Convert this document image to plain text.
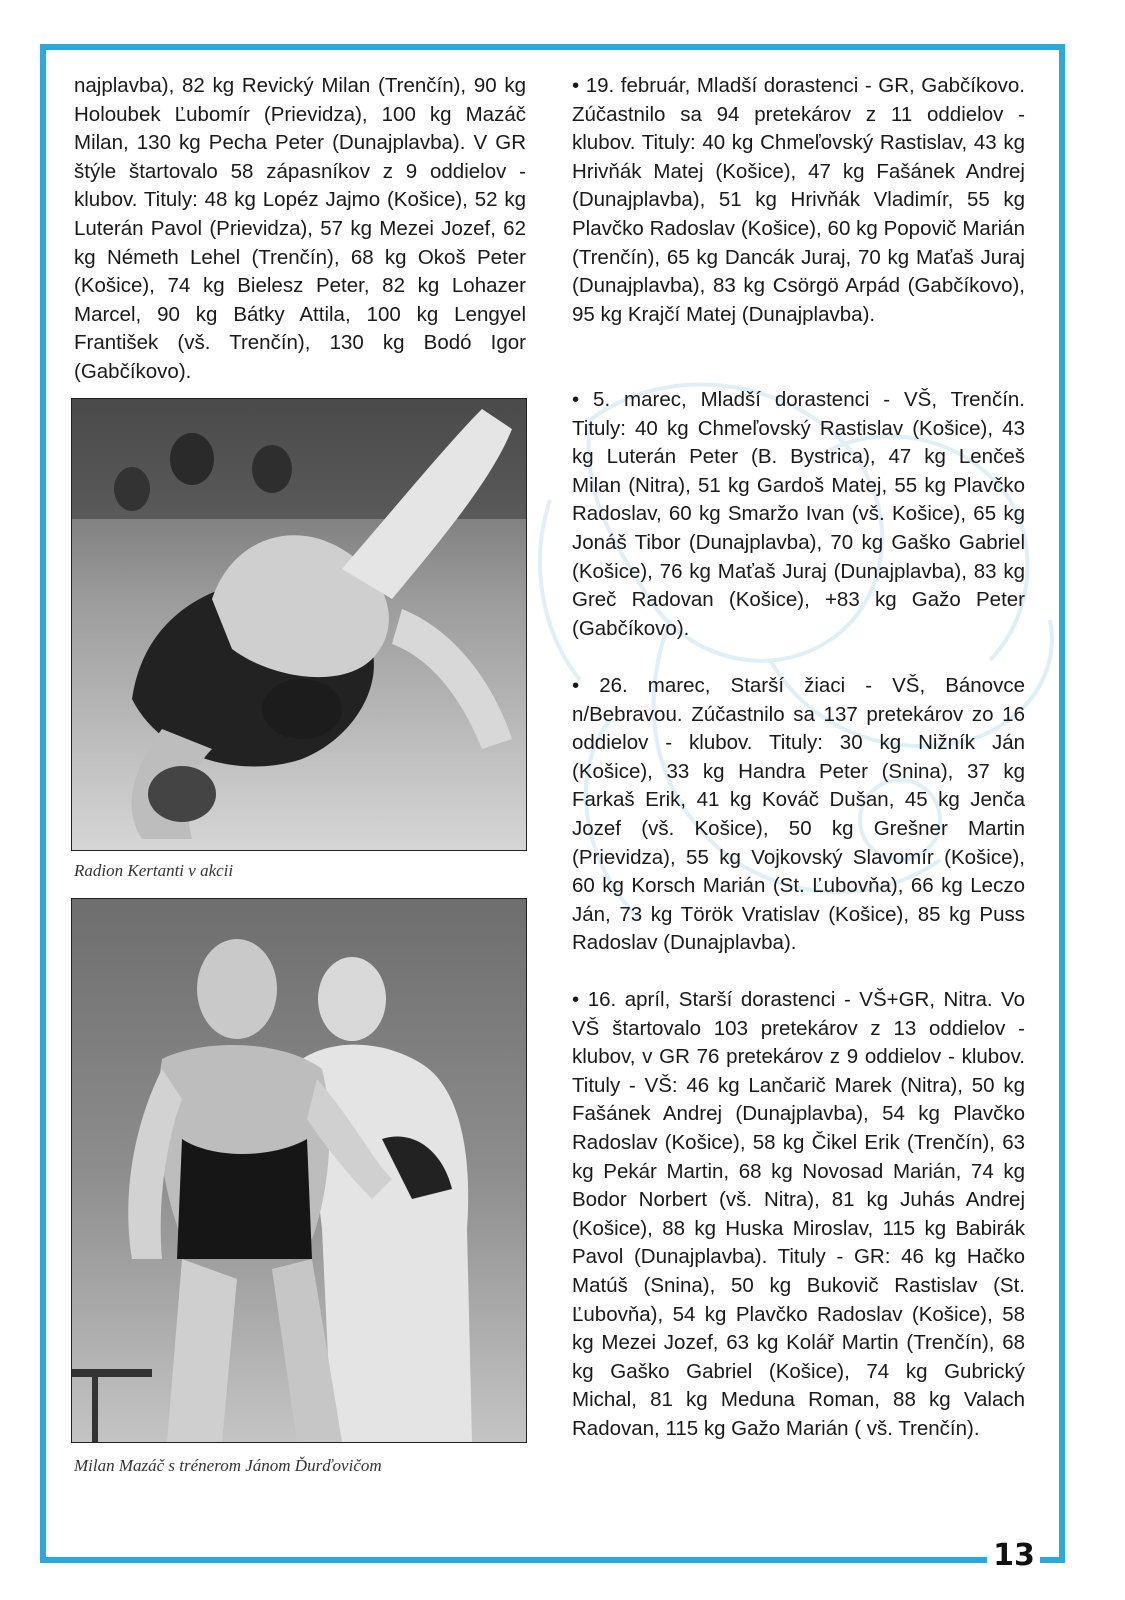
13

najplavba), 82 kg Revický Milan (Trenčín), 90 kg Holoubek Ľubomír (Prievidza), 100 kg Mazáč Milan, 130 kg Pecha Peter (Dunajplavba). V GR štýle štartovalo 58 zápasníkov z 9 oddielov - klubov. Tituly: 48 kg Lopéz Jajmo (Košice), 52 kg Luterán Pavol (Prievidza), 57 kg Mezei Jozef, 62 kg Németh Lehel (Trenčín), 68 kg Okoš Peter (Košice), 74 kg Bielesz Peter, 82 kg Lohazer Marcel, 90 kg Bátky Attila, 100 kg Lengyel František (vš. Trenčín), 130 kg Bodó Igor (Gabčíkovo).

Radion Kertanti v akcii
Milan Mazáč s trénerom Jánom Ďurďovičom

• 19. február, Mladší dorastenci - GR, Gabčíkovo. Zúčastnilo sa 94 pretekárov z 11 oddielov - klubov. Tituly: 40 kg Chmeľovský Rastislav, 43 kg Hrivňák Matej (Košice), 47 kg Fašánek Andrej (Dunajplavba), 51 kg Hrivňák Vladimír, 55 kg Plavčko Radoslav (Košice), 60 kg Popovič Marián (Trenčín), 65 kg Dancák Juraj, 70 kg Maťaš Juraj (Dunajplavba), 83 kg Csörgö Arpád (Gabčíkovo), 95 kg Krajčí Matej (Dunajplavba).

• 5. marec, Mladší dorastenci - VŠ, Trenčín. Tituly: 40 kg Chmeľovský Rastislav (Košice), 43 kg Luterán Peter (B. Bystrica), 47 kg Lenčeš Milan (Nitra), 51 kg Gardoš Matej, 55 kg Plavčko Radoslav, 60 kg Smaržo Ivan (vš. Košice), 65 kg Jonáš Tibor (Dunajplavba), 70 kg Gaško Gabriel (Košice), 76 kg Maťaš Juraj (Dunajplavba), 83 kg Greč Radovan (Košice), +83 kg Gažo Peter (Gabčíkovo).

• 26. marec, Starší žiaci - VŠ, Bánovce n/Bebravou. Zúčastnilo sa 137 pretekárov zo 16 oddielov - klubov. Tituly: 30 kg Nižník Ján (Košice), 33 kg Handra Peter (Snina), 37 kg Farkaš Erik, 41 kg Kováč Dušan, 45 kg Jenča Jozef (vš. Košice), 50 kg Grešner Martin (Prievidza), 55 kg Vojkovský Slavomír (Košice), 60 kg Korsch Marián (St. Ľubovňa), 66 kg Leczo Ján, 73 kg Török Vratislav (Košice), 85 kg Puss Radoslav (Dunajplavba).

• 16. apríl, Starší dorastenci - VŠ+GR, Nitra. Vo VŠ štartovalo 103 pretekárov z 13 oddielov - klubov, v GR 76 pretekárov z 9 oddielov - klubov. Tituly - VŠ: 46 kg Lančarič Marek (Nitra), 50 kg Fašánek Andrej (Dunajplavba), 54 kg Plavčko Radoslav (Košice), 58 kg Čikel Erik (Trenčín), 63 kg Pekár Martin, 68 kg Novosad Marián, 74 kg Bodor Norbert (vš. Nitra), 81 kg Juhás Andrej (Košice), 88 kg Huska Miroslav, 115 kg Babirák Pavol (Dunajplavba). Tituly - GR: 46 kg Hačko Matúš (Snina), 50 kg Bukovič Rastislav (St. Ľubovňa), 54 kg Plavčko Radoslav (Košice), 58 kg Mezei Jozef, 63 kg Kolář Martin (Trenčín), 68 kg Gaško Gabriel (Košice), 74 kg Gubrický Michal, 81 kg Meduna Roman, 88 kg Valach Radovan, 115 kg Gažo Marián ( vš. Trenčín).
